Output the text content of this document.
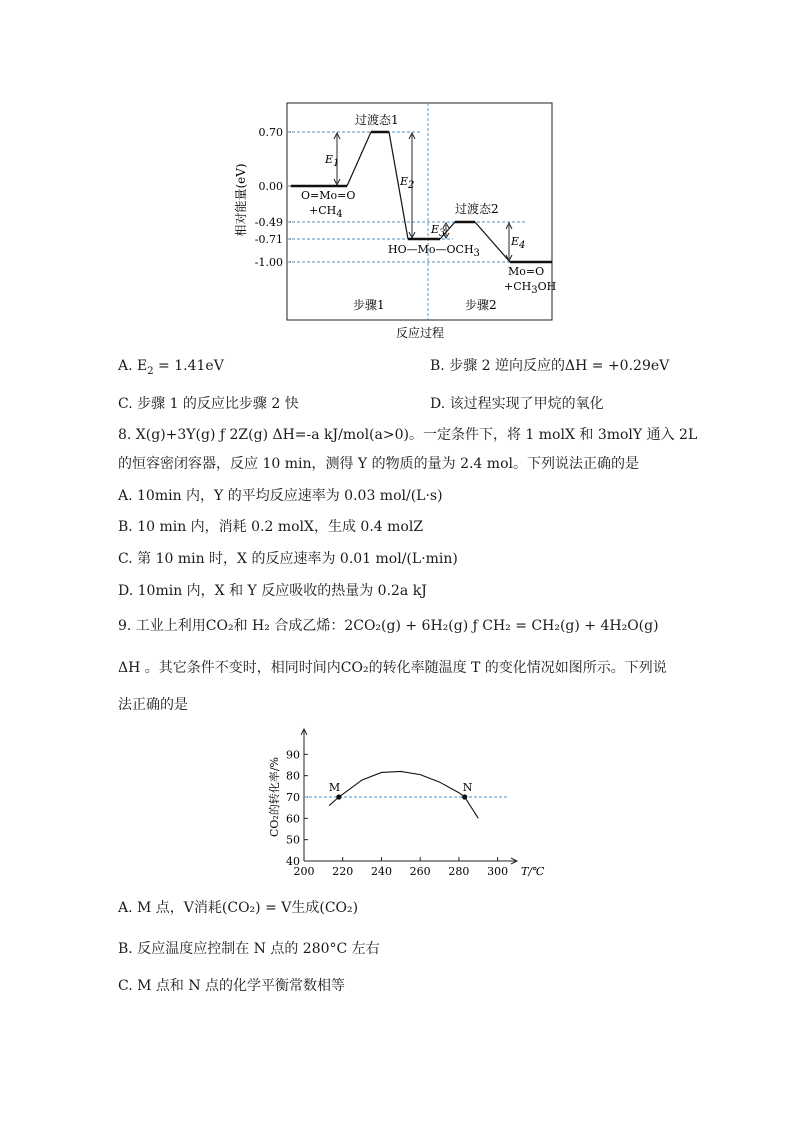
相对能量(eV)
0.70
0.00
-0.49
-0.71
-1.00
E1
E2
E3
E4
过渡态1
过渡态2
O=Mo=O
+CH4
HO—Mo—OCH3
Mo=O
+CH3OH
步骤1	步骤2
反应过程
A. $E_2 = 1.41eV$	B. 步骤 2 逆向反应的ΔH = +0.29eV
C. 步骤 1 的反应比步骤 2 快	D. 该过程实现了甲烷的氧化
8. X(g)+3Y(g) ƒ 2Z(g) ΔH=-a kJ/mol(a>0)。一定条件下，将 1 molX 和 3molY 通入 2L
的恒容密闭容器，反应 10 min，测得 Y 的物质的量为 2.4 mol。下列说法正确的是
A. 10min 内，Y 的平均反应速率为 0.03 mol/(L·s)
B. 10 min 内，消耗 0.2 molX，生成 0.4 molZ
C. 第 10 min 时，X 的反应速率为 0.01 mol/(L·min)
D. 10min 内，X 和 Y 反应吸收的热量为 0.2a kJ
9. 工业上利用CO₂和 H₂ 合成乙烯：2CO₂(g) + 6H₂(g) ƒ CH₂ = CH₂(g) + 4H₂O(g)
ΔH 。其它条件不变时，相同时间内CO₂的转化率随温度 T 的变化情况如图所示。下列说
法正确的是
200 220 240 260 280 300
40
50
60
70
80
90
T/℃
CO₂的转化率/%	M	N
A. M 点，V消耗(CO₂) = V生成(CO₂)
B. 反应温度应控制在 N 点的 280°C 左右
C. M 点和 N 点的化学平衡常数相等
